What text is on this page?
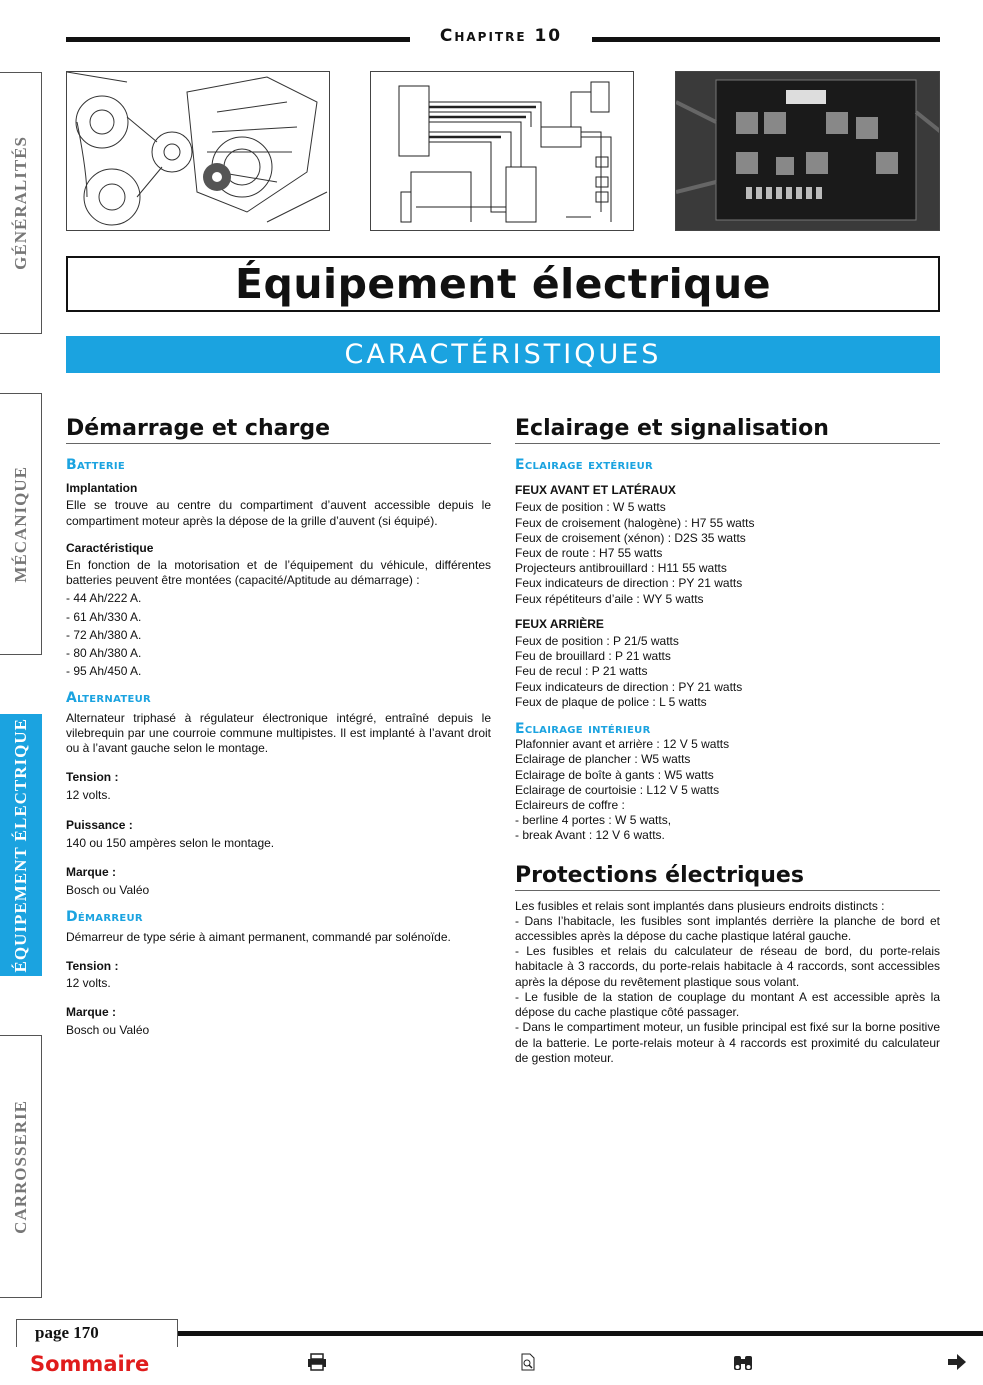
Chapitre 10
Équipement électrique
CARACTÉRISTIQUES
GÉNÉRALITÉS
MÉCANIQUE
ÉQUIPEMENT ÉLECTRIQUE
CARROSSERIE
Démarrage et charge
Batterie
Implantation

Elle se trouve au centre du compartiment d’auvent accessible depuis le compartiment moteur après la dépose de la grille d’auvent (si équipé).

Caractéristique

En fonction de la motorisation et de l’équipement du véhicule, différentes batteries peuvent être montées (capacité/Aptitude au démarrage) :

- 44 Ah/222 A.
- 61 Ah/330 A.
- 72 Ah/380 A.
- 80 Ah/380 A.
- 95 Ah/450 A.
Alternateur

Alternateur triphasé à régulateur électronique intégré, entraîné depuis le vilebrequin par une courroie commune multipistes. Il est implanté à l’avant droit ou à l’avant gauche selon le montage.

Tension :
12 volts.
Puissance :
140 ou 150 ampères selon le montage.
Marque :
Bosch ou Valéo
Démarreur

Démarreur de type série à aimant permanent, commandé par solénoïde.

Tension :
12 volts.
Marque :
Bosch ou Valéo
Eclairage et signalisation
Eclairage extérieur
FEUX AVANT ET LATÉRAUX
Feux de position : W 5 watts
Feux de croisement (halogène) : H7 55 watts
Feux de croisement (xénon) : D2S 35 watts
Feux de route : H7 55 watts
Projecteurs antibrouillard : H11 55 watts
Feux indicateurs de direction : PY 21 watts
Feux répétiteurs d’aile : WY 5 watts
FEUX ARRIÈRE
Feux de position : P 21/5 watts
Feu de brouillard : P 21 watts
Feu de recul : P 21 watts
Feux indicateurs de direction : PY 21 watts
Feux de plaque de police : L 5 watts
Eclairage intérieur
Plafonnier avant et arrière : 12 V 5 watts
Eclairage de plancher : W5 watts
Eclairage de boîte à gants : W5 watts
Eclairage de courtoisie : L12 V 5 watts
Eclaireurs de coffre :
- berline 4 portes : W 5 watts,
- break Avant : 12 V 6 watts.
Protections électriques

Les fusibles et relais sont implantés dans plusieurs endroits distincts :

- Dans l’habitacle, les fusibles sont implantés derrière la planche de bord et accessibles après la dépose du cache plastique latéral gauche.

- Les fusibles et relais du calculateur de réseau de bord, du porte-relais habitacle à 3 raccords, du porte-relais habitacle à 4 raccords, sont accessibles après la dépose du revêtement plastique sous volant.

- Le fusible de la station de couplage du montant A est accessible après la dépose du cache plastique côté passager.

- Dans le compartiment moteur, un fusible principal est fixé sur la borne positive de la batterie. Le porte-relais moteur à 4 raccords est proximité du calculateur de gestion moteur.

page 170
Sommaire
